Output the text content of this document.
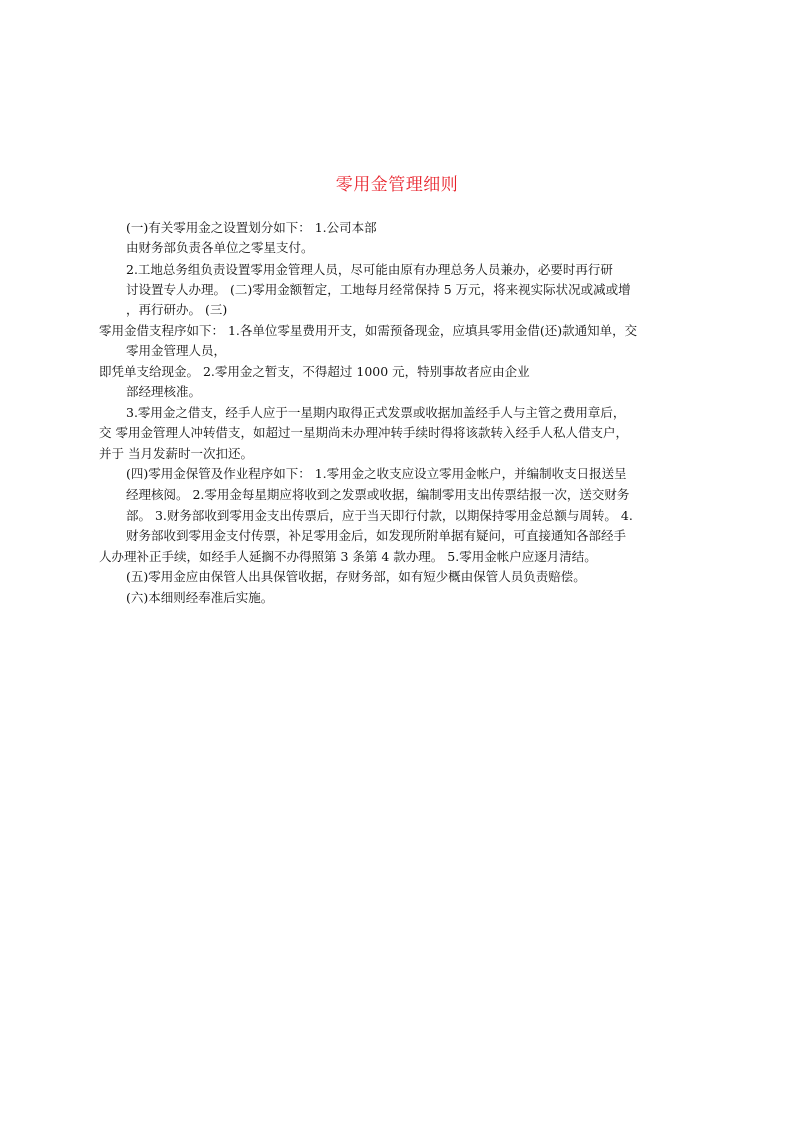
零用金管理细则
(一)有关零用金之设置划分如下： 1.公司本部
由财务部负责各单位之零星支付。
2.工地总务组负责设置零用金管理人员，尽可能由原有办理总务人员兼办，必要时再行研
讨设置专人办理。 (二)零用金额暂定，工地每月经常保持 5 万元，将来视实际状况或减或增
，再行研办。 (三)
零用金借支程序如下： 1.各单位零星费用开支，如需预备现金，应填具零用金借(还)款通知单，交
零用金管理人员，
即凭单支给现金。 2.零用金之暂支，不得超过 1000 元，特别事故者应由企业
部经理核准。
3.零用金之借支，经手人应于一星期内取得正式发票或收据加盖经手人与主管之费用章后，
交 零用金管理人冲转借支，如超过一星期尚未办理冲转手续时得将该款转入经手人私人借支户，
并于 当月发薪时一次扣还。
(四)零用金保管及作业程序如下： 1.零用金之收支应设立零用金帐户，并编制收支日报送呈
经理核阅。 2.零用金每星期应将收到之发票或收据，编制零用支出传票结报一次，送交财务
部。 3.财务部收到零用金支出传票后，应于当天即行付款，以期保持零用金总额与周转。 4.
财务部收到零用金支付传票，补足零用金后，如发现所附单据有疑问，可直接通知各部经手
人办理补正手续，如经手人延搁不办得照第 3 条第 4 款办理。 5.零用金帐户应逐月清结。
(五)零用金应由保管人出具保管收据，存财务部，如有短少概由保管人员负责赔偿。
(六)本细则经奉准后实施。
